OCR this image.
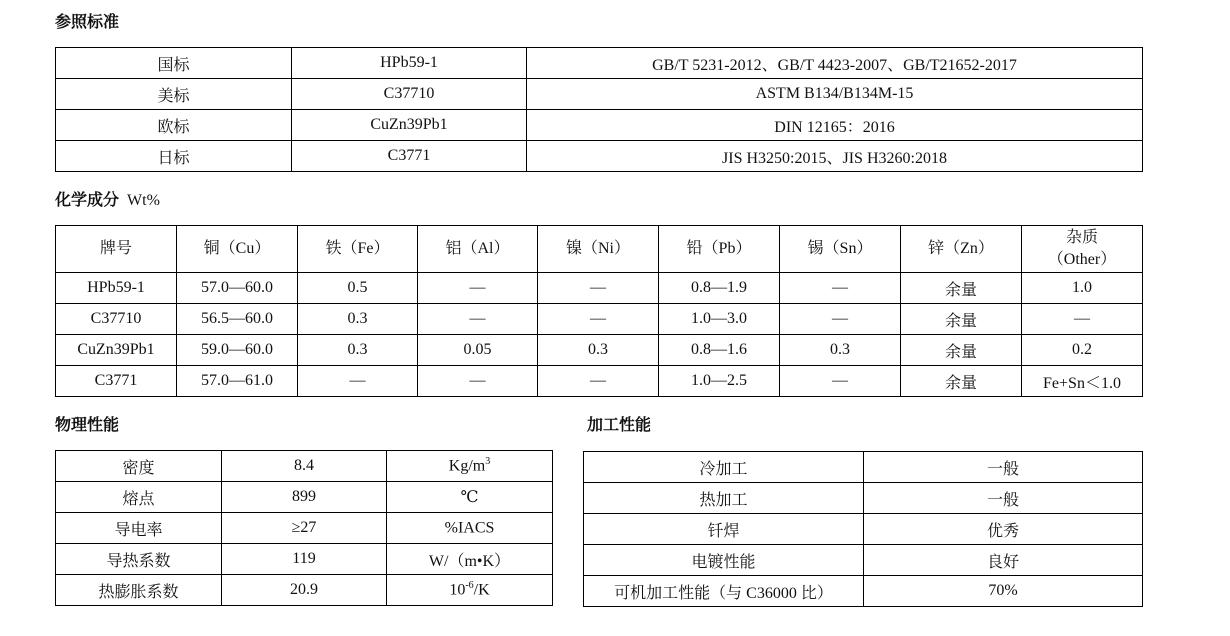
参照标准
国标	HPb59-1	GB/T 5231-2012、GB/T 4423-2007、GB/T21652-2017
美标	C37710	ASTM B134/B134M-15
欧标	CuZn39Pb1	DIN 12165：2016
日标	C3771	JIS H3250:2015、JIS H3260:2018
化学成分 Wt%
牌号	铜（Cu）	铁（Fe）	铝（Al）	镍（Ni）	铅（Pb）	锡（Sn）	锌（Zn）	杂质
（Other）

HPb59-1	57.0—60.0	0.5	—	—	0.8—1.9	—	余量	1.0
C37710	56.5—60.0	0.3	—	—	1.0—3.0	—	余量	—
CuZn39Pb1	59.0—60.0	0.3	0.05	0.3	0.8—1.6	0.3	余量	0.2
C3771	57.0—61.0	—	—	—	1.0—2.5	—	余量	Fe+Sn＜1.0
物理性能
密度	8.4	$Kg/m^3$
熔点	899	℃
导电率	≥27	%IACS
导热系数	119	W/（m•K）
热膨胀系数	20.9	$10^{-6}/K$
加工性能
冷加工	一般
热加工	一般
钎焊	优秀
电镀性能	良好
可机加工性能（与 C36000 比）	70%
